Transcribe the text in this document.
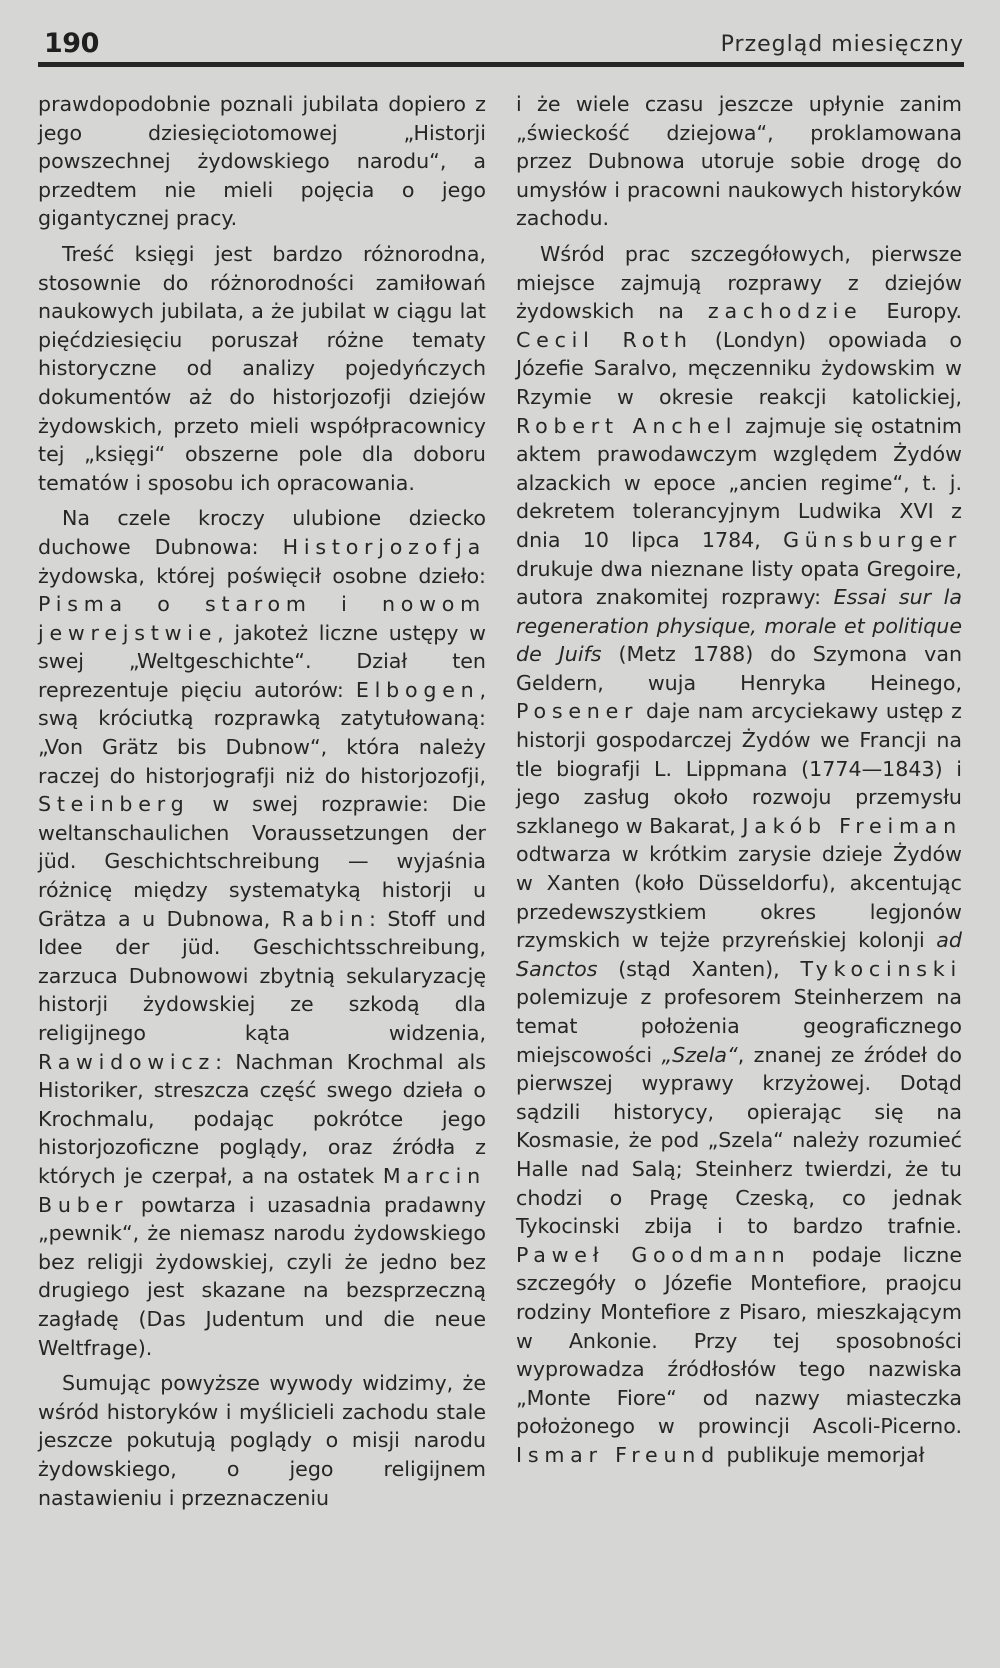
190	Przegląd miesięczny

prawdopodobnie poznali jubilata dopiero z jego dziesięciotomowej „Historji powszechnej żydowskiego narodu“, a przedtem nie mieli pojęcia o jego gigantycznej pracy.

Treść księgi jest bardzo różnorodna, stosownie do różnorodności zamiłowań naukowych jubilata, a że jubilat w ciągu lat pięćdziesięciu poruszał różne tematy historyczne od analizy pojedyńczych dokumentów aż do historjozofji dziejów żydowskich, przeto mieli współpracownicy tej „księgi“ obszerne pole dla doboru tematów i sposobu ich opracowania.

Na czele kroczy ulubione dziecko duchowe Dubnowa: Historjozofja żydowska, której poświęcił osobne dzieło: Pisma o starom i nowom jewrejstwie, jakoteż liczne ustępy w swej „Weltgeschichte“. Dział ten reprezentuje pięciu autorów: Elbogen, swą króciutką rozprawką zatytułowaną: „Von Grätz bis Dubnow“, która należy raczej do historjografji niż do historjozofji, Steinberg w swej rozprawie: Die weltanschaulichen Voraussetzungen der jüd. Geschichtschreibung — wyjaśnia różnicę między systematyką historji u Grätza a u Dubnowa, Rabin: Stoff und Idee der jüd. Geschichtsschreibung, zarzuca Dubnowowi zbytnią sekularyzację historji żydowskiej ze szkodą dla religijnego kąta widzenia, Rawidowicz: Nachman Krochmal als Historiker, streszcza część swego dzieła o Krochmalu, podając pokrótce jego historjozoficzne poglądy, oraz źródła z których je czerpał, a na ostatek Marcin Buber powtarza i uzasadnia pradawny „pewnik“, że niemasz narodu żydowskiego bez religji żydowskiej, czyli że jedno bez drugiego jest skazane na bezsprzeczną zagładę (Das Judentum und die neue Weltfrage).

Sumując powyższe wywody widzimy, że wśród historyków i myślicieli zachodu stale jeszcze pokutują poglądy o misji narodu żydowskiego, o jego religijnem nastawieniu i przeznaczeniu

i że wiele czasu jeszcze upłynie zanim „świeckość dziejowa“, proklamowana przez Dubnowa utoruje sobie drogę do umysłów i pracowni naukowych historyków zachodu.

Wśród prac szczegółowych, pierwsze miejsce zajmują rozprawy z dziejów żydowskich na zachodzie Europy. Cecil Roth (Londyn) opowiada o Józefie Saralvo, męczenniku żydowskim w Rzymie w okresie reakcji katolickiej, Robert Anchel zajmuje się ostatnim aktem prawodawczym względem Żydów alzackich w epoce „ancien regime“, t. j. dekretem tolerancyjnym Ludwika XVI z dnia 10 lipca 1784, Günsburger drukuje dwa nieznane listy opata Gregoire, autora znakomitej rozprawy: Essai sur la regeneration physique, morale et politique de Juifs (Metz 1788) do Szymona van Geldern, wuja Henryka Heinego, Posener daje nam arcyciekawy ustęp z historji gospodarczej Żydów we Francji na tle biografji L. Lippmana (1774—1843) i jego zasług około rozwoju przemysłu szklanego w Bakarat, Jakób Freiman odtwarza w krótkim zarysie dzieje Żydów w Xanten (koło Düsseldorfu), akcentując przedewszystkiem okres legjonów rzymskich w tejże przyreńskiej kolonji ad Sanctos (stąd Xanten), Tykocinski polemizuje z profesorem Steinherzem na temat położenia geograficznego miejscowości „Szela“, znanej ze źródeł do pierwszej wyprawy krzyżowej. Dotąd sądzili historycy, opierając się na Kosmasie, że pod „Szela“ należy rozumieć Halle nad Salą; Steinherz twierdzi, że tu chodzi o Pragę Czeską, co jednak Tykocinski zbija i to bardzo trafnie. Paweł Goodmann podaje liczne szczegóły o Józefie Montefiore, praojcu rodziny Montefiore z Pisaro, mieszkającym w Ankonie. Przy tej sposobności wyprowadza źródłosłów tego nazwiska „Monte Fiore“ od nazwy miasteczka położonego w prowincji Ascoli-Picerno. Ismar Freund publikuje memorjał
